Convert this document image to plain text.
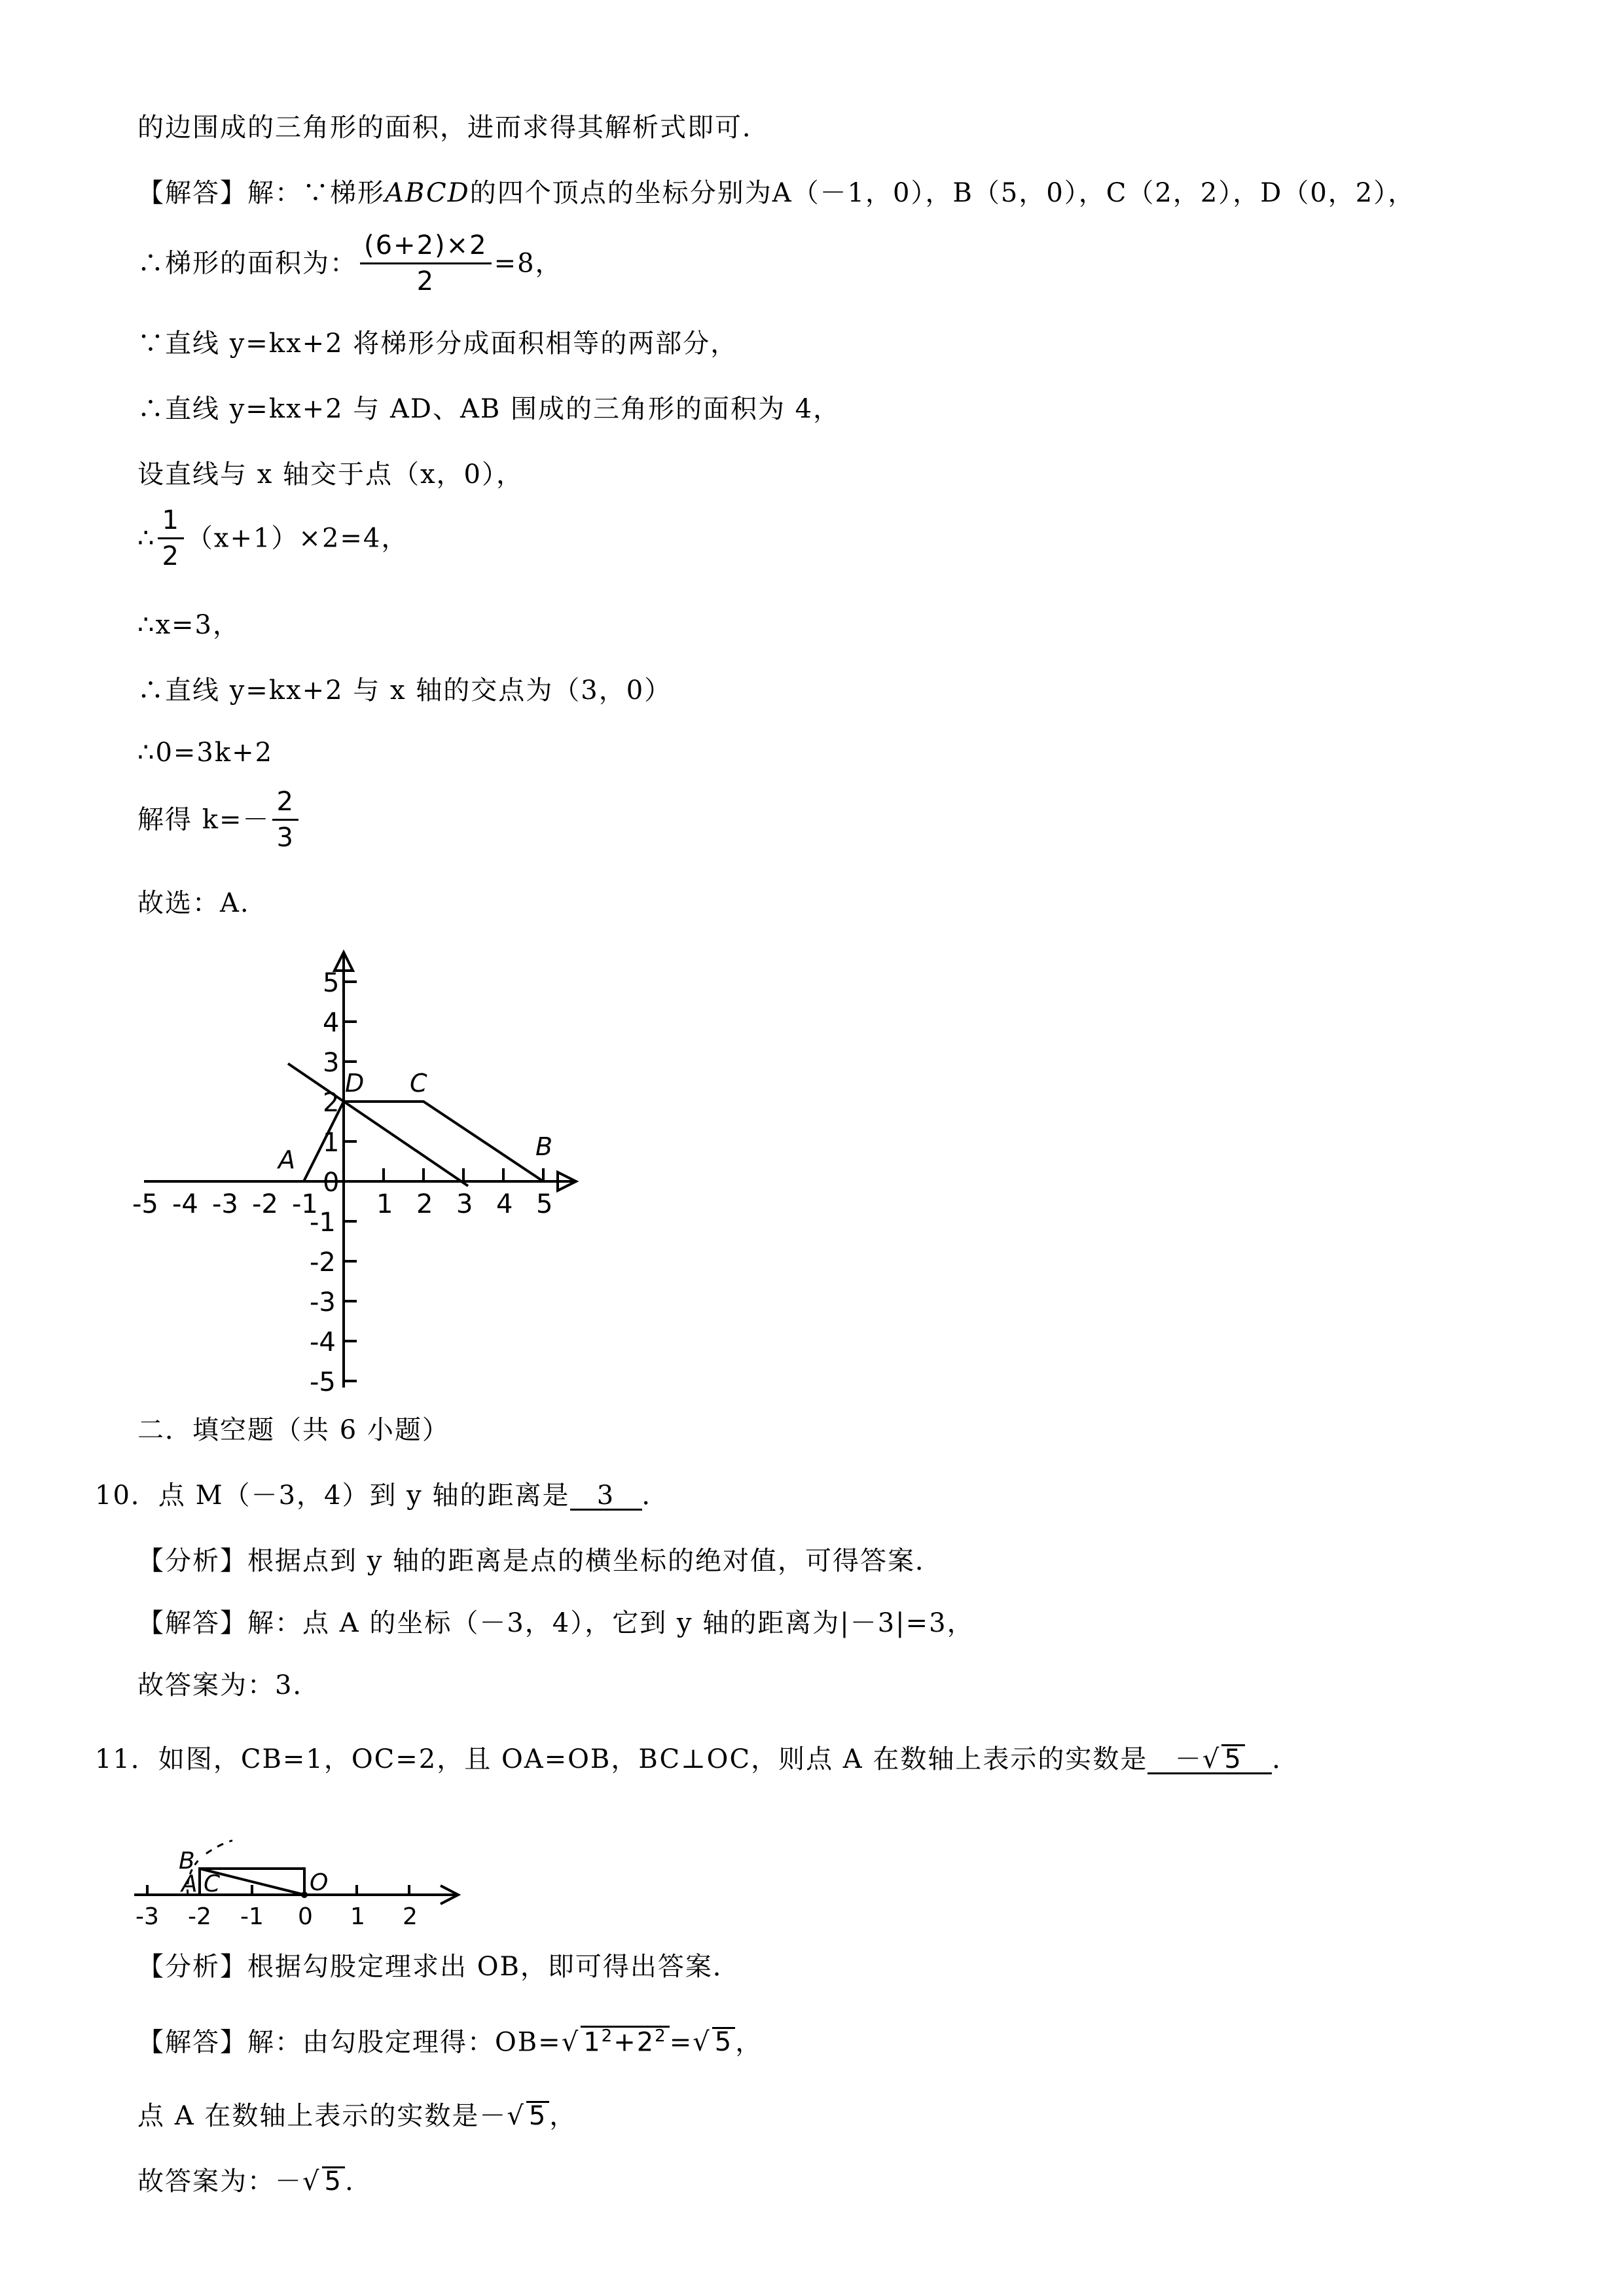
的边围成的三角形的面积，进而求得其解析式即可．
【解答】解：∵梯形ABCD的四个顶点的坐标分别为A（－1，0），B（5，0），C（2，2），D（0，2），
∴梯形的面积为： $\frac{(6+2)\times 2}{2} =8$，
∵直线 y=kx+2 将梯形分成面积相等的两部分，
∴直线 y=kx+2 与 AD、AB 围成的三角形的面积为 4，
设直线与 x 轴交于点（x，0），
∴ $\frac{1}{2} (x+1)\times 2=4$，
∴x=3，
∴直线 y=kx+2 与 x 轴的交点为（3，0）
∴0=3k+2
解得 $k=- \frac{2}{3}$
故选：A.
5
4
3
2
1
-1
-2
-3
-4
-5
-5 -4 -3 -2 -1 1 2 3 4 5
0
A	B
C
D
二．填空题（共 6 小题）
10．点 M（－3，4）到 y 轴的距离是 3 ．
【分析】根据点到 y 轴的距离是点的横坐标的绝对值，可得答案．
【解答】解：点 A 的坐标（－3，4），它到 y 轴的距离为|－3|=3，
故答案为：3．
11．如图，CB=1，OC=2，且 OA=OB，BC⊥OC，则点 A 在数轴上表示的实数是 －√ 5 ．
B
A C	O
-3 -2 -1 0 1 2
【分析】根据勾股定理求出 OB，即可得出答案．
【解答】解：由勾股定理得：OB=√ $1^2+2^2$ =√ 5 ，
点 A 在数轴上表示的实数是－√ 5 ，
故答案为：－√ 5 .
